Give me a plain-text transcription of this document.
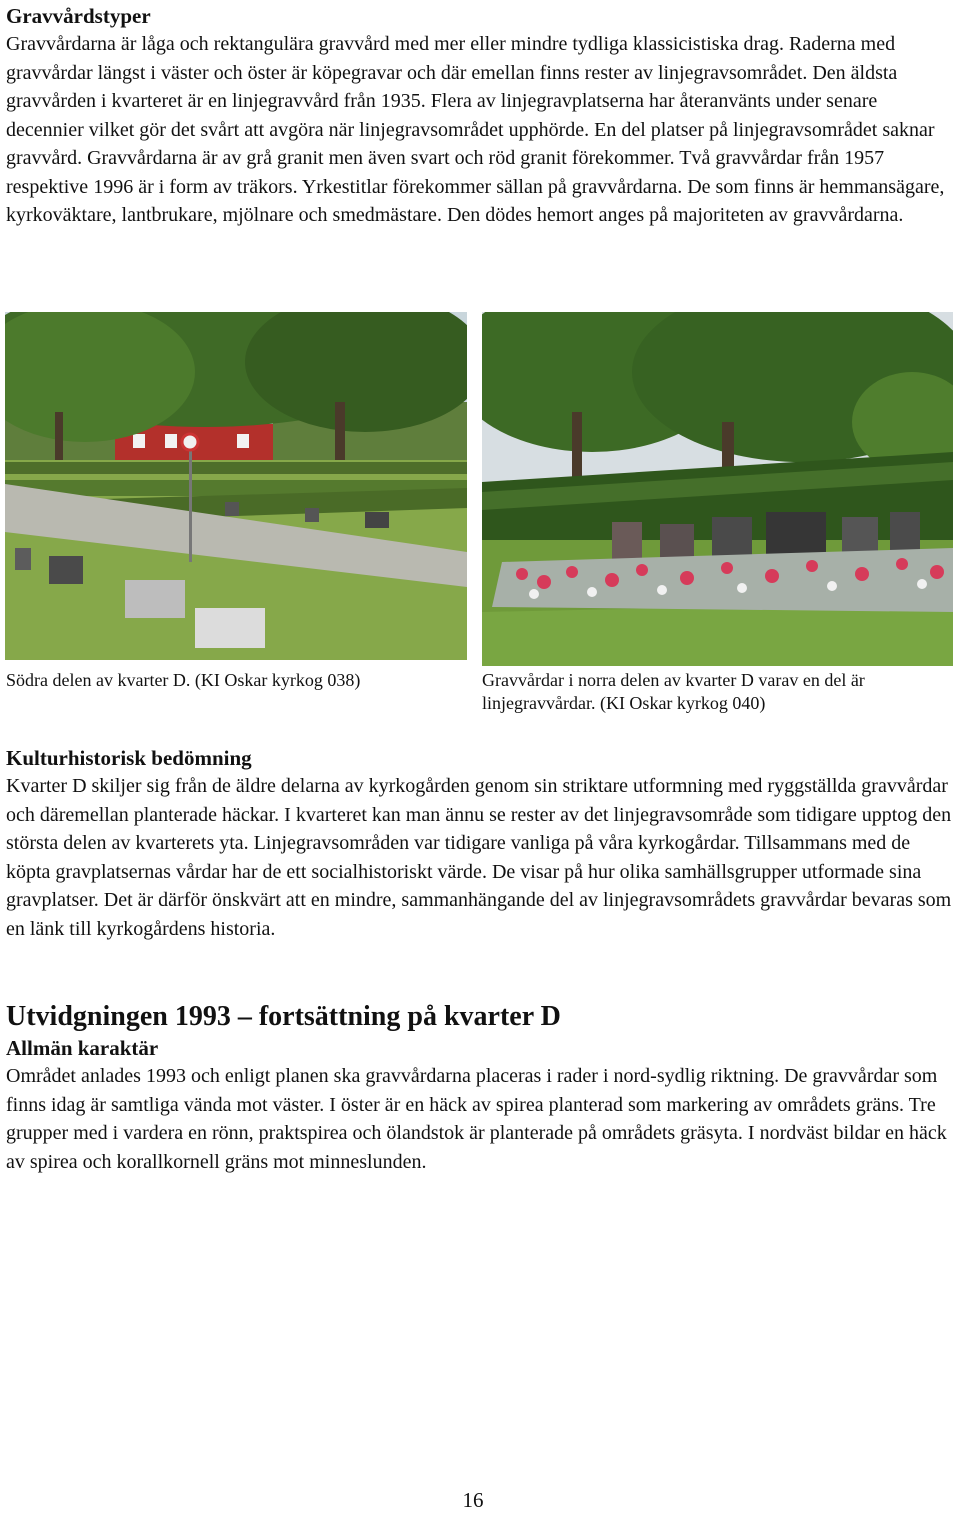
Gravvårdstyper

Gravvårdarna är låga och rektangulära gravvård med mer eller mindre tydliga klassicistiska drag. Raderna med gravvårdar längst i väster och öster är köpegravar och där emellan finns rester av linjegravsområdet. Den äldsta gravvården i kvarteret är en linjegravvård från 1935. Flera av linjegravplatserna har återanvänts under senare decennier vilket gör det svårt att avgöra när linjegravsområdet upphörde. En del platser på linjegravsområdet saknar gravvård. Gravvårdarna är av grå granit men även svart och röd granit förekommer. Två gravvårdar från 1957 respektive 1996 är i form av träkors. Yrkestitlar förekommer sällan på gravvårdarna. De som finns är hemmansägare, kyrkoväktare, lantbrukare, mjölnare och smedmästare. Den dödes hemort anges på majoriteten av gravvårdarna.

Södra delen av kvarter D. (KI Oskar kyrkog 038)	Gravvårdar i norra delen av kvarter D varav en del är linjegravvårdar. (KI Oskar kyrkog 040)

Kulturhistorisk bedömning

Kvarter D skiljer sig från de äldre delarna av kyrkogården genom sin striktare utformning med ryggställda gravvårdar och däremellan planterade häckar. I kvarteret kan man ännu se rester av det linjegravsområde som tidigare upptog den största delen av kvarterets yta. Linjegravsområden var tidigare vanliga på våra kyrkogårdar. Tillsammans med de köpta gravplatsernas vårdar har de ett socialhistoriskt värde. De visar på hur olika samhällsgrupper utformade sina gravplatser. Det är därför önskvärt att en mindre, sammanhängande del av linjegravsområdets gravvårdar bevaras som en länk till kyrkogårdens historia.

Utvidgningen 1993 – fortsättning på kvarter D
Allmän karaktär

Området anlades 1993 och enligt planen ska gravvårdarna placeras i rader i nord-sydlig riktning. De gravvårdar som finns idag är samtliga vända mot väster. I öster är en häck av spirea planterad som markering av områdets gräns. Tre grupper med i vardera en rönn, praktspirea och ölandstok är planterade på områdets gräsyta. I nordväst bildar en häck av spirea och korallkornell gräns mot minneslunden.

16
